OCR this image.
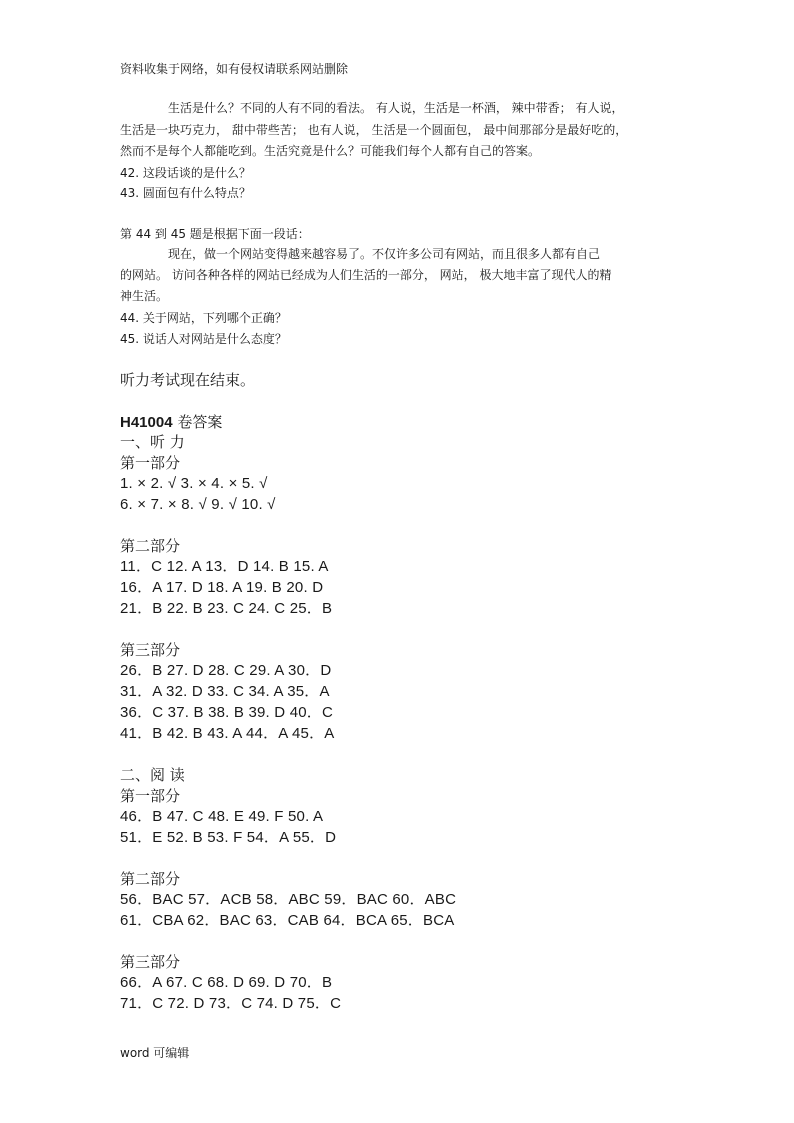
资料收集于网络，如有侵权请联系网站删除
生活是什么？不同的人有不同的看法。 有人说，生活是一杯酒， 辣中带香； 有人说，
生活是一块巧克力， 甜中带些苦； 也有人说， 生活是一个圆面包， 最中间那部分是最好吃的，
然而不是每个人都能吃到。生活究竟是什么？可能我们每个人都有自己的答案。
42. 这段话谈的是什么？
43. 圆面包有什么特点？
第 44 到 45 题是根据下面一段话：
现在，做一个网站变得越来越容易了。不仅许多公司有网站，而且很多人都有自己
的网站。 访问各种各样的网站已经成为人们生活的一部分， 网站， 极大地丰富了现代人的精
神生活。
44. 关于网站，下列哪个正确？
45. 说话人对网站是什么态度？
听力考试现在结束。
H41004 卷答案
一、听 力
第一部分
1. × 2. √ 3. × 4. × 5. √
6. × 7. × 8. √ 9. √ 10. √
第二部分
11．C 12. A 13．D 14. B 15. A
16．A 17. D 18. A 19. B 20. D
21．B 22. B 23. C 24. C 25．B
第三部分
26．B 27. D 28. C 29. A 30．D
31．A 32. D 33. C 34. A 35．A
36．C 37. B 38. B 39. D 40．C
41．B 42. B 43. A 44．A 45．A
二、阅 读
第一部分
46．B 47. C 48. E 49. F 50. A
51．E 52. B 53. F 54．A 55．D
第二部分
56．BAC 57．ACB 58．ABC 59．BAC 60．ABC
61．CBA 62．BAC 63．CAB 64．BCA 65．BCA
第三部分
66．A 67. C 68. D 69. D 70．B
71．C 72. D 73．C 74. D 75．C
word 可编辑
